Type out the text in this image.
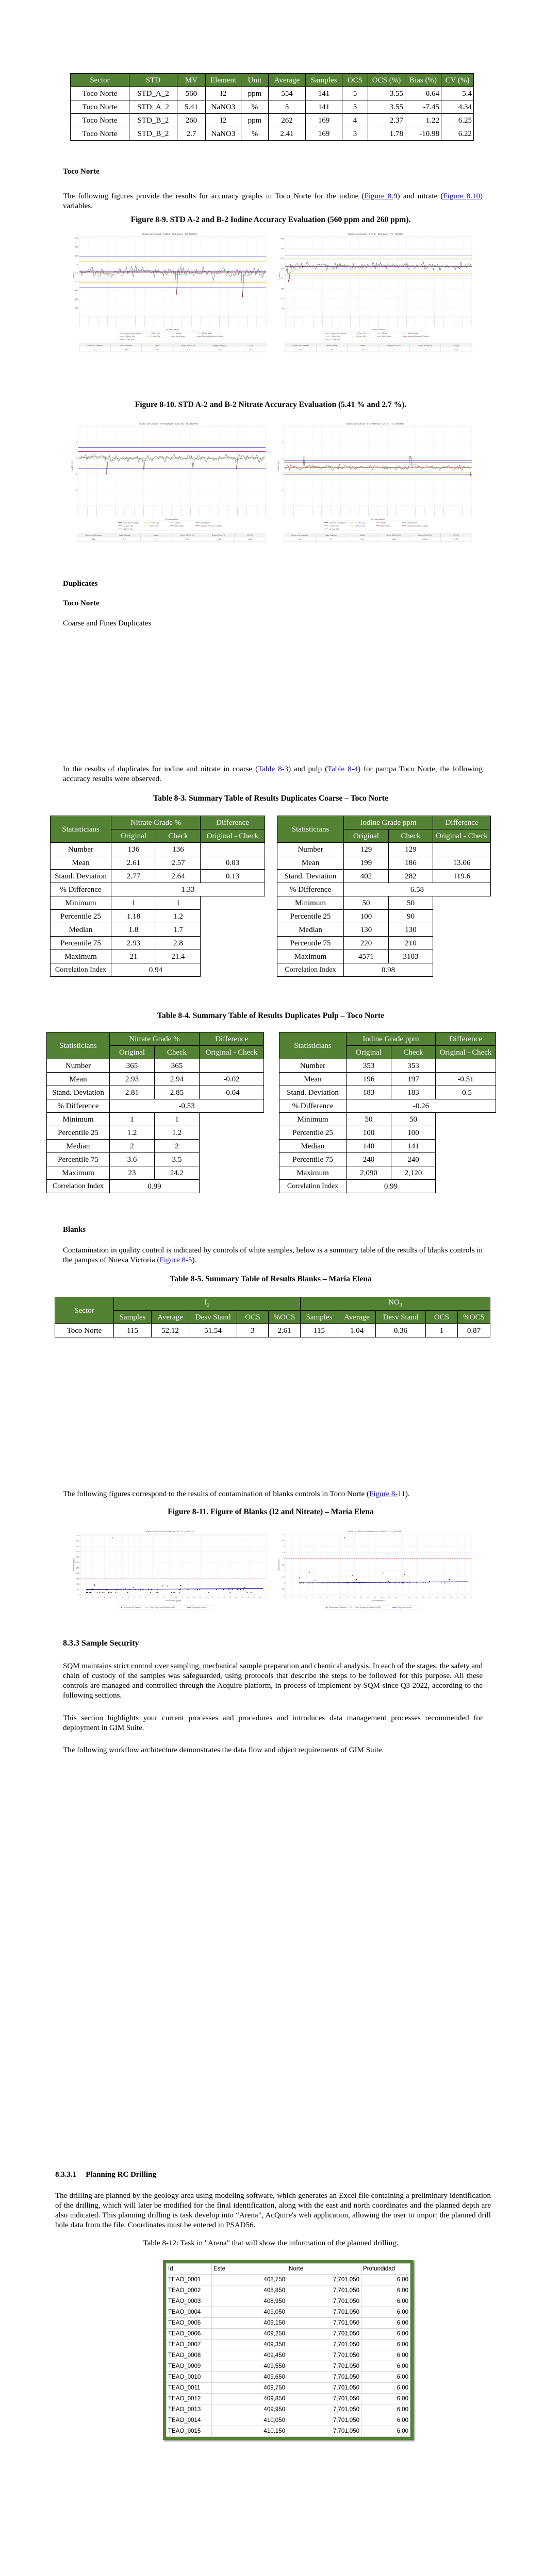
Sector	STD	MV	Element	Unit	Average	Samples	OCS	OCS (%)	Bias (%)	CV (%)
Toco Norte	STD_A_2	560	I2	ppm	554	141	5	3.55	-0.64	5.4
Toco Norte	STD_A_2	5.41	NaNO3	%	5	141	5	3.55	-7.45	4.34
Toco Norte	STD_B_2	260	I2	ppm	262	169	4	2.37	1.22	6.25
Toco Norte	STD_B_2	2.7	NaNO3	%	2.41	169	3	1.78	-10.98	6.22
Toco Norte
The following figures provide the results for accuracy graphs in Toco Norte for the iodine (Figure 8.9) and nitrate (Figure 8.10) variables.
Figure 8-9. STD A-2 and B-2 Iodine Accuracy Evaluation (560 ppm and 260 ppm).
Gráfico de Control - STD D - 560 (ppm) - TC_NORTE
350
400
450
500
550
600
650
700
750
I2 (ppm)
Fecha Análisis
Valor de la muestra	+2 Dev. Std	Media	Media Móvil
+3 Dev. Std	-2 Dev. Std	Best Value	Muestra Fuera de Control
-3 Dev. Std
Número de Muestras
141
Valor Estándar
560
Media
554
Sesgo (M/VO) (%)
-1.10
Sesgo (Final) (%)
-0.64
CV (%)
5.4
Gráfico de Control - STD D - 260 (ppm) - TC_NORTE
50
100
150
200
250
300
350
400
I2 (ppm)
Fecha Análisis
Valor de la muestra	+2 Dev. Std	Media	Media Móvil
+3 Dev. Std	-2 Dev. Std	Best Value	Muestra Fuera de Control
-3 Dev. Std
Número de Muestras
169
Valor Estándar
260
Media
262
Sesgo (M/VO) (%)
0.77
Sesgo (Final) (%)
1.22
CV (%)
6.25
Figure 8-10. STD A-2 and B-2 Nitrate Accuracy Evaluation (5.41 % and 2.7 %).
Gráfico de Control - STD NaNO3 - 5.41 (%) - TC_NORTE
3
4
5
6
NaNO3 (%)
Fecha Análisis
Valor de la muestra	+2 Dev. Std	Media	Media Móvil
+3 Dev. Std	-2 Dev. Std	Best Value	Muestra Fuera de Control
-3 Dev. Std
Número de Muestras
141
Valor Estándar
5.41
Media
5
Sesgo (M/VO) (%)
-7.45
Sesgo (Final) (%)
-7.45
CV (%)
4.34
Gráfico de Control - STD NaNO3 - 2.7 (%) - TC_NORTE
1
2
3
4
NaNO3 (%)
Fecha Análisis
Valor de la muestra	+2 Dev. Std	Media	Media Móvil
+3 Dev. Std	-2 Dev. Std	Best Value	Muestra Fuera de Control
-3 Dev. Std
Número de Muestras
169
Valor Estándar
2.7
Media
2.41
Sesgo (M/VO) (%)
-10.98
Sesgo (Final) (%)
-10.98
CV (%)
6.22
Duplicates
Toco Norte
Coarse and Fines Duplicates
In the results of duplicates for iodine and nitrate in coarse (Table 8-3) and pulp (Table 8-4) for pampa Toco Norte, the following accuracy results were observed.
Table 8-3. Summary Table of Results Duplicates Coarse – Toco Norte
Statisticians	Nitrate Grade %		Difference
	Original	Check	Original - Check
Number	136	136	
Mean	2.61	2.57	0.03
Stand. Deviation	2.77	2.64	0.13
% Difference	1.33		
Minimum	1	1	
Percentile 25	1.18	1.2	
Median	1.8	1.7	
Percentile 75	2.93	2.8	
Maximum	21	21.4	
Correlation Index	0.94		
Statisticians	Iodine Grade ppm		Difference
	Original	Check	Original - Check
Number	129	129	
Mean	199	186	13.06
Stand. Deviation	402	282	119.6
% Difference	6.58		
Minimum	50	50	
Percentile 25	100	90	
Median	130	130	
Percentile 75	220	210	
Maximum	4571	3103	
Correlation Index	0.98		
Table 8-4. Summary Table of Results Duplicates Pulp – Toco Norte
Statisticians	Nitrate Grade %		Difference
	Original	Check	Original - Check
Number	365	365	
Mean	2.93	2.94	-0.02
Stand. Deviation	2.81	2.85	-0.04
% Difference	-0.53		
Minimum	1	1	
Percentile 25	1.2	1.2	
Median	2	2	
Percentile 75	3.6	3.5	
Maximum	23	24.2	
Correlation Index	0.99		
Statisticians	Iodine Grade ppm		Difference
	Original	Check	Original - Check
Number	353	353	
Mean	196	197	-0.51
Stand. Deviation	183	183	-0.5
% Difference	-0.26		
Minimum	50	50	
Percentile 25	100	100	
Median	140	141	
Percentile 75	240	240	
Maximum	2,090	2,120	
Correlation Index	0.99		
Blanks
Contamination in quality control is indicated by controls of white samples, below is a summary table of the results of blanks controls in the pampas of Nueva Victoria (Figure 8-5).
Table 8-5. Summary Table of Results Blanks – María Elena
Sector	$I_2$					$NO_3$
	Samples	Average	Desv Stand	OCS	%OCS	Samples	Average	Desv Stand	OCS	%OCS
Toco Norte	115	52.12	51.54	3	2.61	115	1.04	0.36	1	0.87
The following figures correspond to the results of contamination of blanks controls in Toco Norte (Figure 8-11).
Figure 8-11. Figure of Blanks (I2 and Nitrate) – María Elena
Blancos versus Precedentes - I2 - TC_NORTE
0	1	2	3	4	5	6	7	8	9 10 11 12 13 14 15 16 17 18 19 20 21 22 23 24 25 26 27 28 29 30 31
0
50
100
150
200
250
300
350
400
450
500
550
Blancos (ppm)
Precedente (ppm)
Elemento en Blancos	Valor Seguro del Blanco (VSB)	Regresión Lineal
Blancos versus Precedentes - NaNO3 - TC_NORTE
0	1	2	3	4	5	6	7	8	9	10	11	12	13	14	15	16	17	18	19	20	21	22	23	24	25	26	27
0
0.5
1
1.5
2
2.5
3
3.5
4
4.5
5
Blancos (%)
Precedente (%)
Elemento en Blancos	Valor Seguro del Blanco (VSB)	Regresión Lineal
8.3.3 Sample Security
SQM maintains strict control over sampling, mechanical sample preparation and chemical analysis. In each of the stages, the safety and chain of custody of the samples was safeguarded, using protocols that describe the steps to be followed for this purpose. All these controls are managed and controlled through the Acquire platform, in process of implement by SQM since Q3 2022, according to the following sections.
This section highlights your current processes and procedures and introduces data management processes recommended for deployment in GIM Suite.
The following workflow architecture demonstrates the data flow and object requirements of GIM Suite.
8.3.3.1 Planning RC Drilling
The drilling are planned by the geology area using modeling software, which generates an Excel file containing a preliminary identification of the drilling, which will later be modified for the final identification, along with the east and north coordinates and the planned depth are also indicated. This planning drilling is task develop into “Arena”, AcQuire's web application, allowing the user to import the planned drill hole data from the file. Coordinates must be entered in PSAD56.
Table 8-12: Task in "Arena" that will show the information of the planned drilling.
Id	Este	Norte	Profundidad
TEAO_0001	408,750	7,701,050	6.00
TEAO_0002	408,850	7,701,050	6.00
TEAO_0003	408,950	7,701,050	6.00
TEAO_0004	409,050	7,701,050	6.00
TEAO_0005	409,150	7,701,050	6.00
TEAO_0006	409,250	7,701,050	6.00
TEAO_0007	409,350	7,701,050	6.00
TEAO_0008	409,450	7,701,050	6.00
TEAO_0009	409,550	7,701,050	6.00
TEAO_0010	409,650	7,701,050	6.00
TEAO_0011	409,750	7,701,050	6.00
TEAO_0012	409,850	7,701,050	6.00
TEAO_0013	409,950	7,701,050	6.00
TEAO_0014	410,050	7,701,050	6.00
TEAO_0015	410,150	7,701,050	6.00
